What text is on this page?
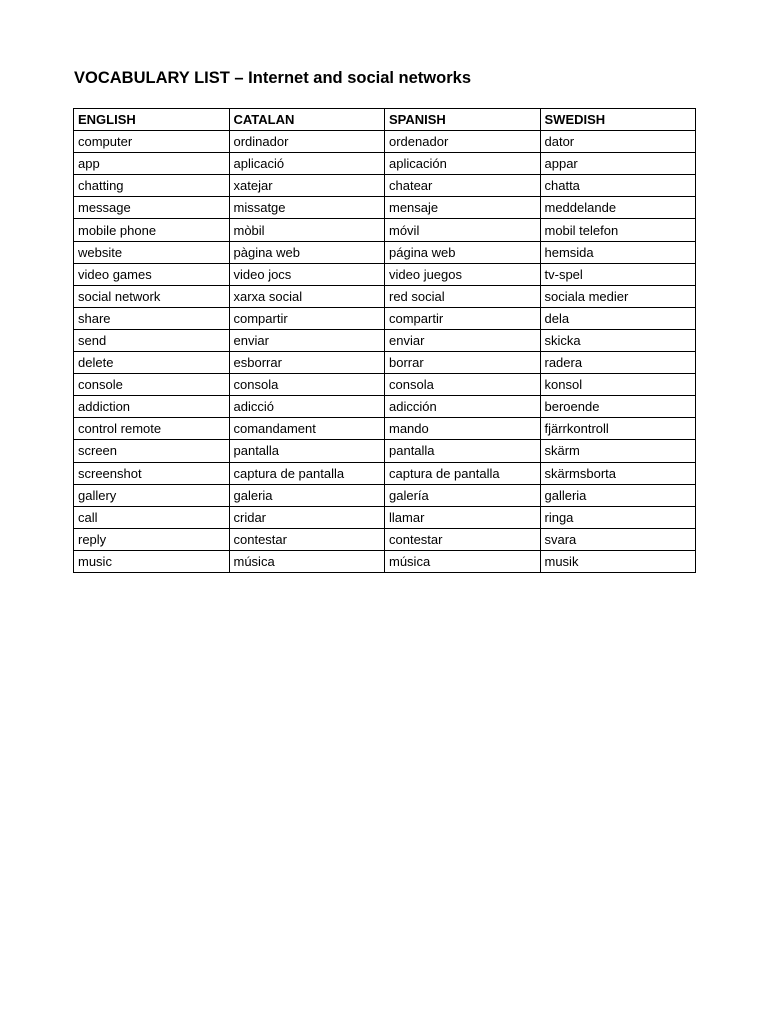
VOCABULARY LIST – Internet and social networks
ENGLISH	CATALAN	SPANISH	SWEDISH
computer	ordinador	ordenador	dator
app	aplicació	aplicación	appar
chatting	xatejar	chatear	chatta
message	missatge	mensaje	meddelande
mobile phone	mòbil	móvil	mobil telefon
website	pàgina web	página web	hemsida
video games	video jocs	video juegos	tv-spel
social network	xarxa social	red social	sociala medier
share	compartir	compartir	dela
send	enviar	enviar	skicka
delete	esborrar	borrar	radera
console	consola	consola	konsol
addiction	adicció	adicción	beroende
control remote	comandament	mando	fjärrkontroll
screen	pantalla	pantalla	skärm
screenshot	captura de pantalla	captura de pantalla	skärmsborta
gallery	galeria	galería	galleria
call	cridar	llamar	ringa
reply	contestar	contestar	svara
music	música	música	musik
